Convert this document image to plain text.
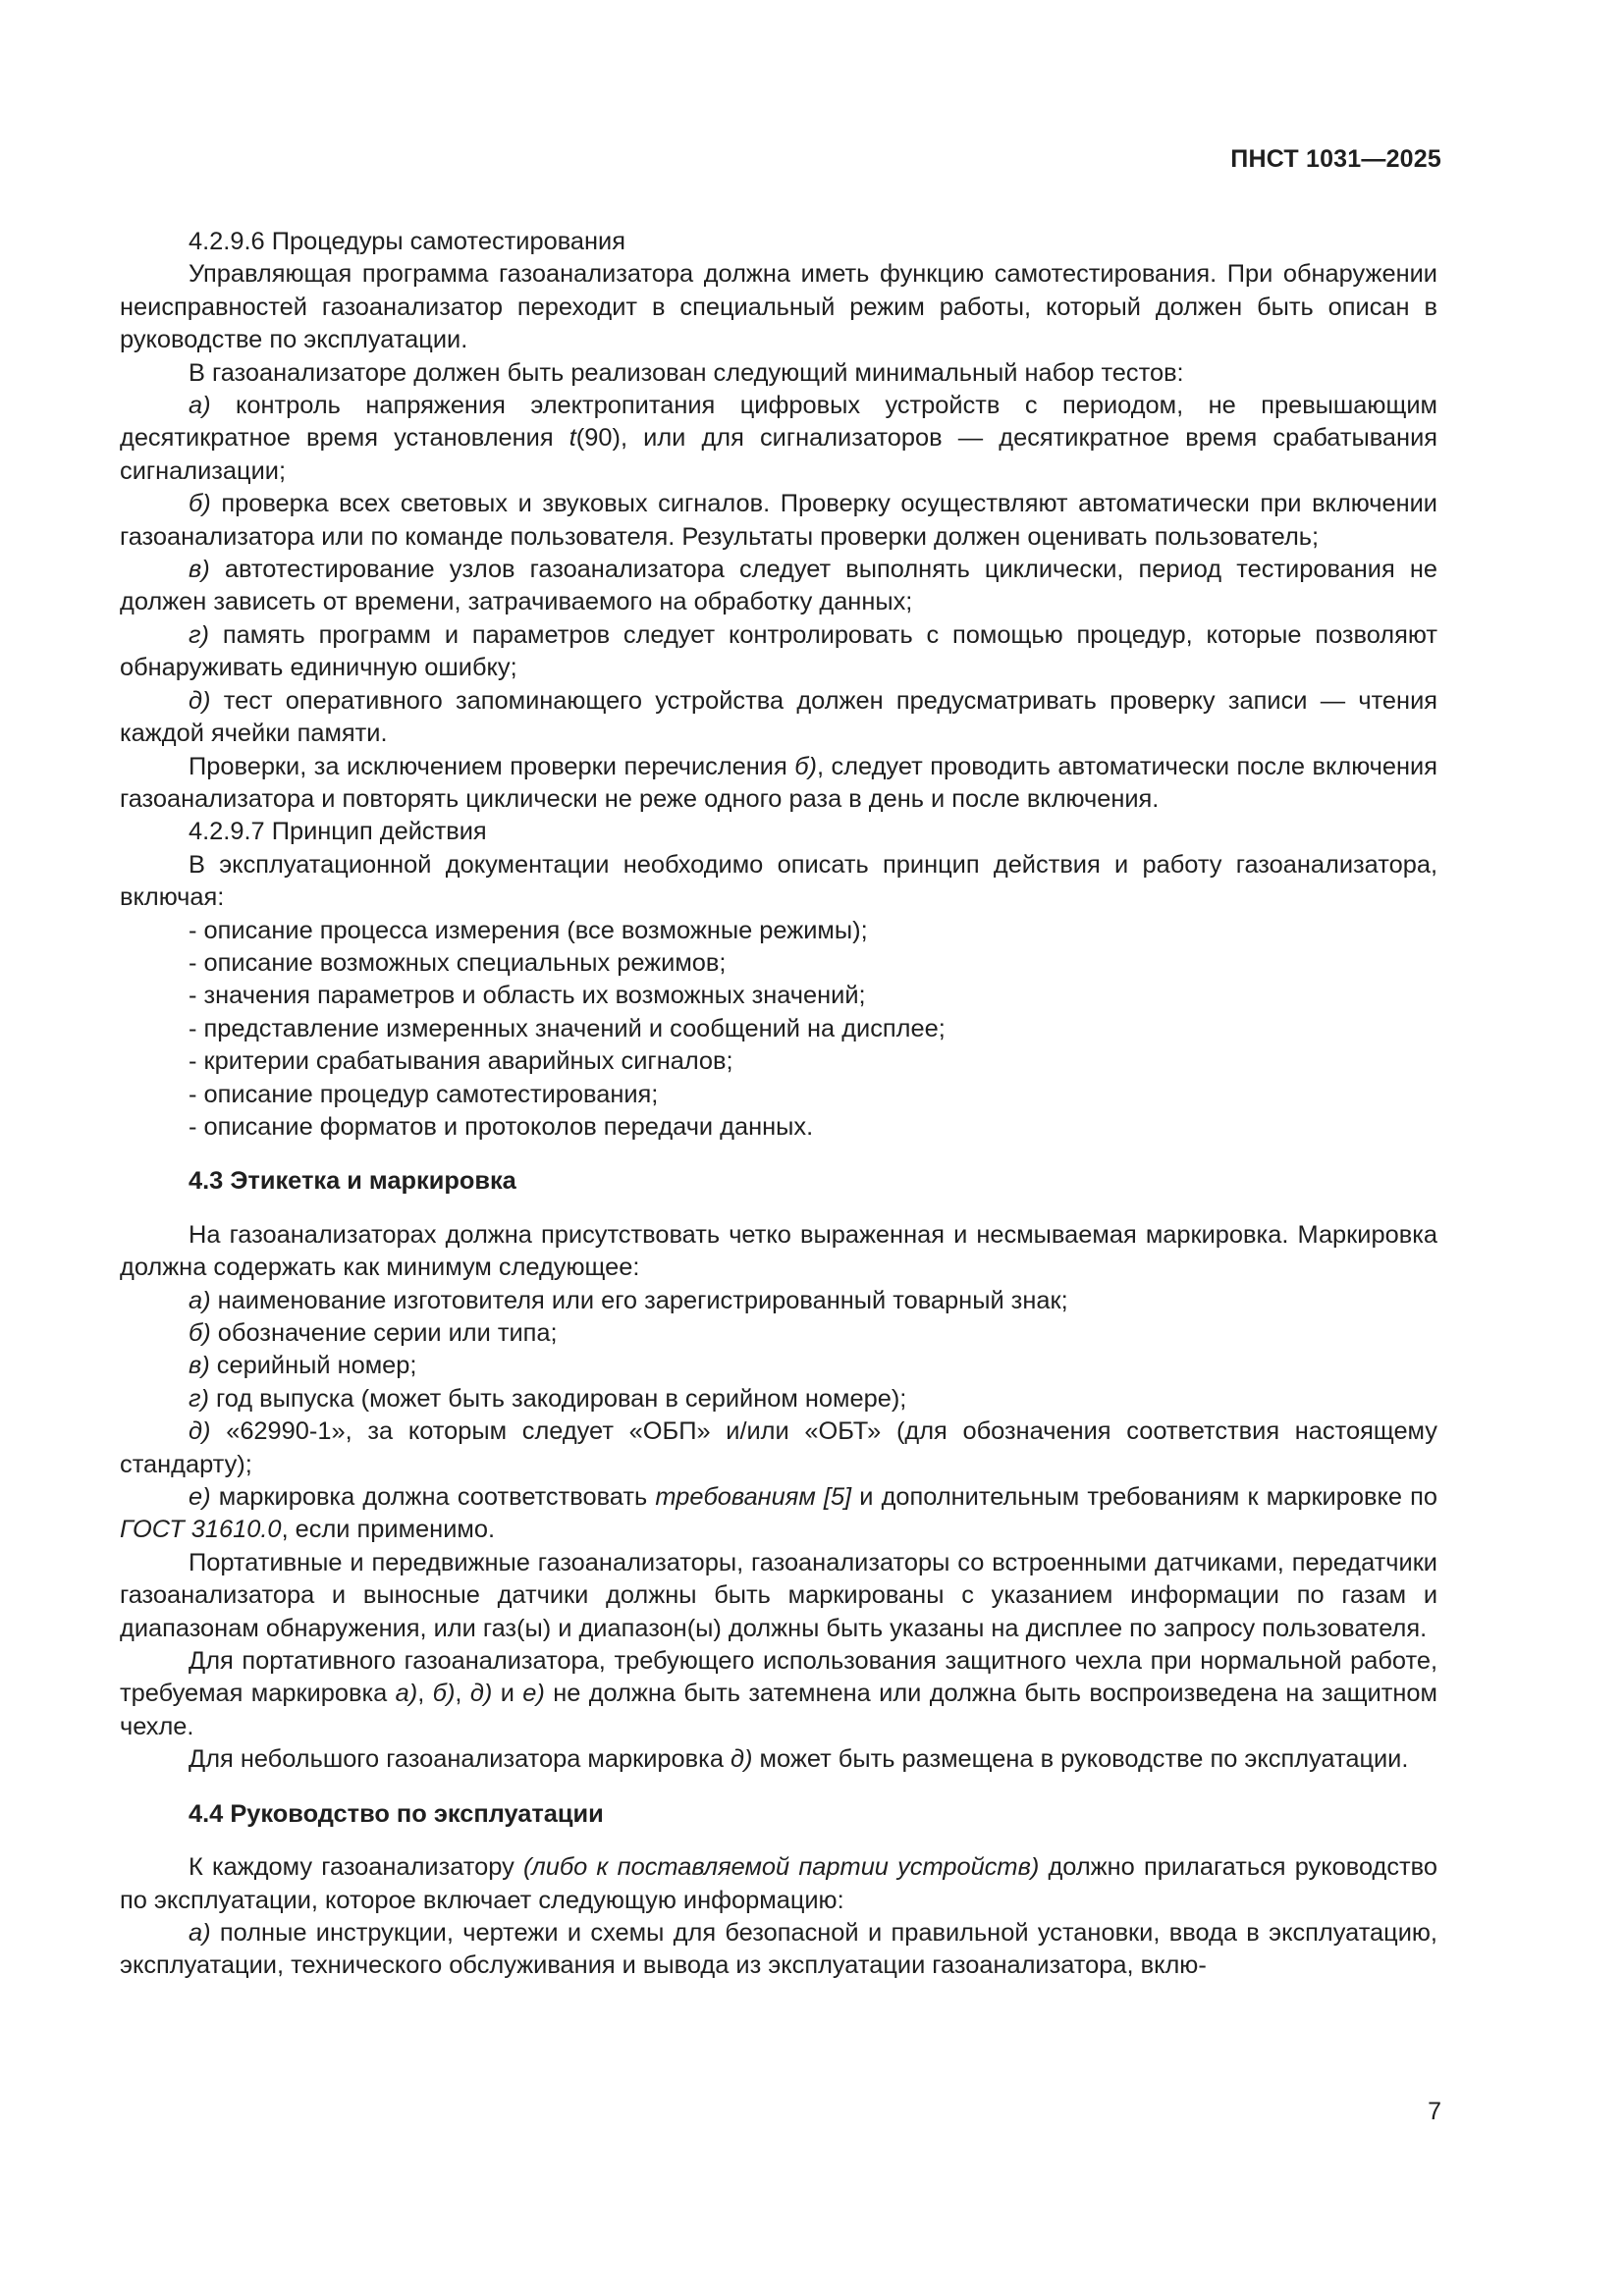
ПНСТ 1031—2025
4.2.9.6 Процедуры самотестирования
Управляющая программа газоанализатора должна иметь функцию самотестирования. При обнаружении неисправностей газоанализатор переходит в специальный режим работы, который должен быть описан в руководстве по эксплуатации.
В газоанализаторе должен быть реализован следующий минимальный набор тестов:
а) контроль напряжения электропитания цифровых устройств с периодом, не превышающим десятикратное время установления t(90), или для сигнализаторов — десятикратное время срабатывания сигнализации;
б) проверка всех световых и звуковых сигналов. Проверку осуществляют автоматически при включении газоанализатора или по команде пользователя. Результаты проверки должен оценивать пользователь;
в) автотестирование узлов газоанализатора следует выполнять циклически, период тестирования не должен зависеть от времени, затрачиваемого на обработку данных;
г) память программ и параметров следует контролировать с помощью процедур, которые позволяют обнаруживать единичную ошибку;
д) тест оперативного запоминающего устройства должен предусматривать проверку записи — чтения каждой ячейки памяти.
Проверки, за исключением проверки перечисления б), следует проводить автоматически после включения газоанализатора и повторять циклически не реже одного раза в день и после включения.
4.2.9.7 Принцип действия
В эксплуатационной документации необходимо описать принцип действия и работу газоанализатора, включая:
- описание процесса измерения (все возможные режимы);
- описание возможных специальных режимов;
- значения параметров и область их возможных значений;
- представление измеренных значений и сообщений на дисплее;
- критерии срабатывания аварийных сигналов;
- описание процедур самотестирования;
- описание форматов и протоколов передачи данных.
4.3 Этикетка и маркировка
На газоанализаторах должна присутствовать четко выраженная и несмываемая маркировка. Маркировка должна содержать как минимум следующее:
а) наименование изготовителя или его зарегистрированный товарный знак;
б) обозначение серии или типа;
в) серийный номер;
г) год выпуска (может быть закодирован в серийном номере);
д) «62990-1», за которым следует «ОБП» и/или «ОБТ» (для обозначения соответствия настоящему стандарту);
е) маркировка должна соответствовать требованиям [5] и дополнительным требованиям к маркировке по ГОСТ 31610.0, если применимо.
Портативные и передвижные газоанализаторы, газоанализаторы со встроенными датчиками, передатчики газоанализатора и выносные датчики должны быть маркированы с указанием информации по газам и диапазонам обнаружения, или газ(ы) и диапазон(ы) должны быть указаны на дисплее по запросу пользователя.
Для портативного газоанализатора, требующего использования защитного чехла при нормальной работе, требуемая маркировка а), б), д) и е) не должна быть затемнена или должна быть воспроизведена на защитном чехле.
Для небольшого газоанализатора маркировка д) может быть размещена в руководстве по эксплуатации.
4.4 Руководство по эксплуатации
К каждому газоанализатору (либо к поставляемой партии устройств) должно прилагаться руководство по эксплуатации, которое включает следующую информацию:
а) полные инструкции, чертежи и схемы для безопасной и правильной установки, ввода в эксплуатацию, эксплуатации, технического обслуживания и вывода из эксплуатации газоанализатора, вклю-
7
